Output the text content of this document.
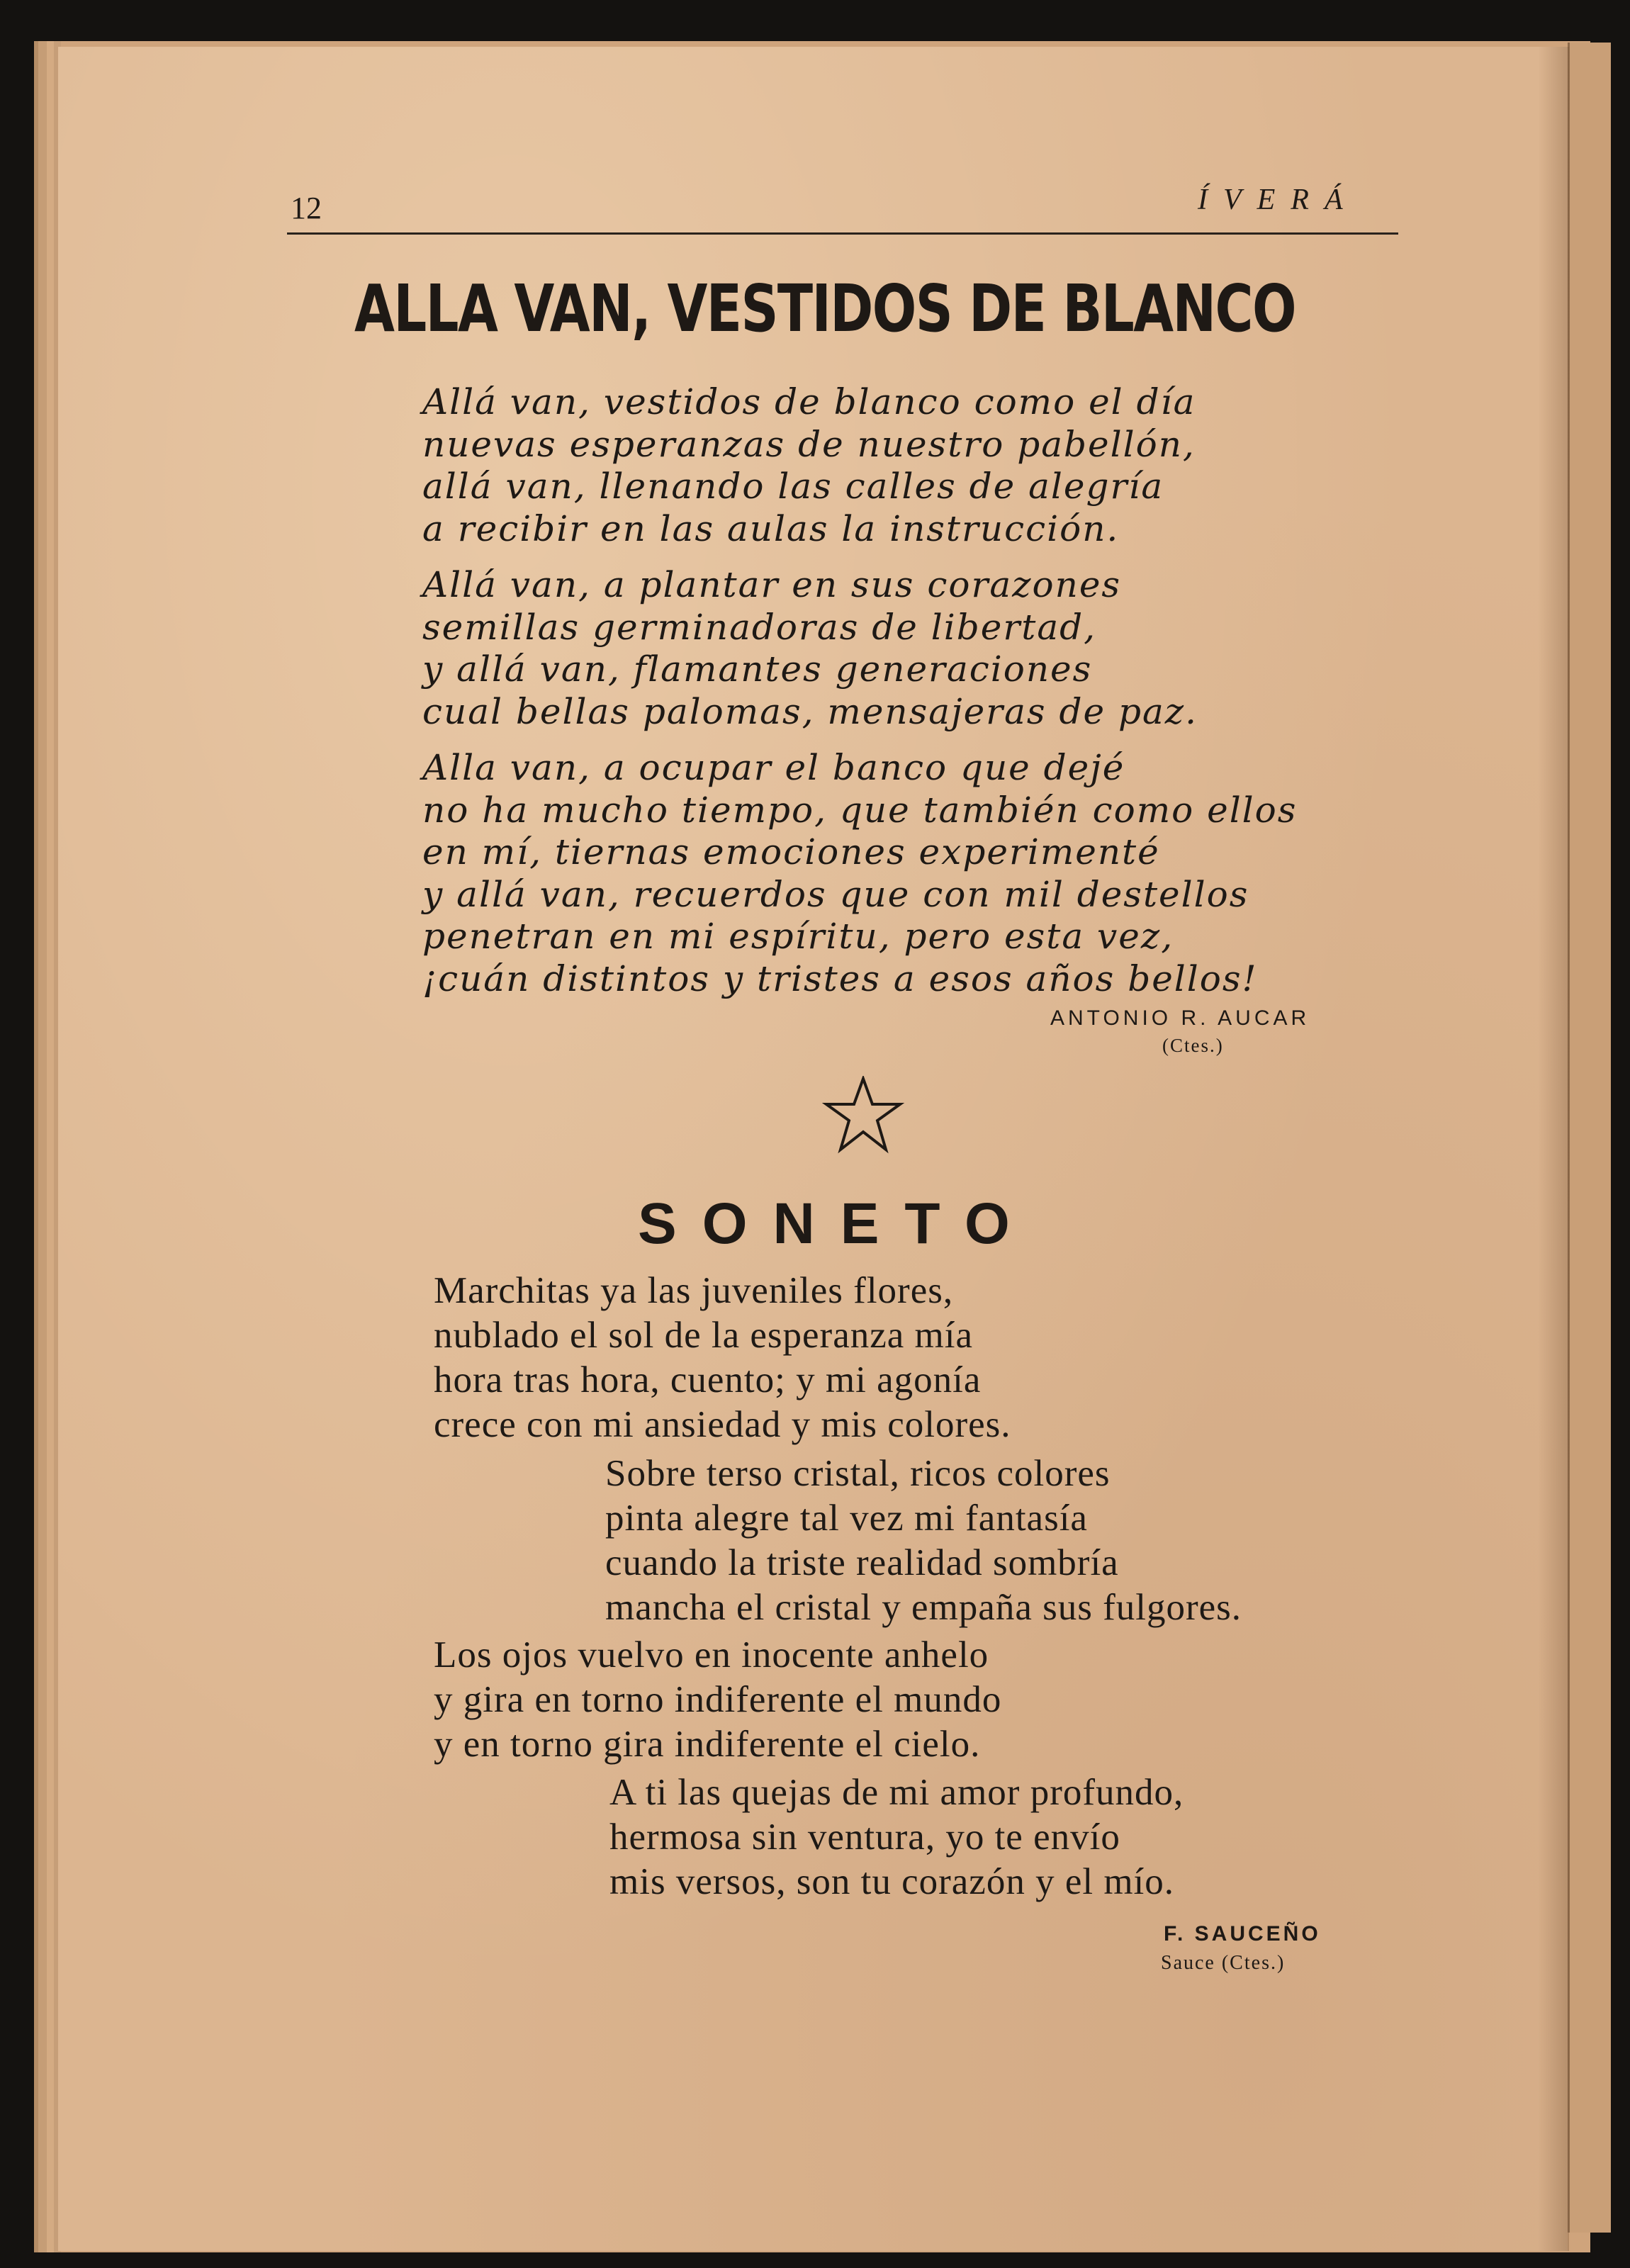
12	ÍVERÁ
ALLA VAN, VESTIDOS DE BLANCO
Allá van, vestidos de blanco como el día
nuevas esperanzas de nuestro pabellón,
allá van, llenando las calles de alegría
a recibir en las aulas la instrucción.
Allá van, a plantar en sus corazones
semillas germinadoras de libertad,
y allá van, flamantes generaciones
cual bellas palomas, mensajeras de paz.
Alla van, a ocupar el banco que dejé
no ha mucho tiempo, que también como ellos
en mí, tiernas emociones experimenté
y allá van, recuerdos que con mil destellos
penetran en mi espíritu, pero esta vez,
¡cuán distintos y tristes a esos años bellos!
ANTONIO R. AUCAR
(Ctes.)
SONETO
Marchitas ya las juveniles flores,
nublado el sol de la esperanza mía
hora tras hora, cuento; y mi agonía
crece con mi ansiedad y mis colores.
Sobre terso cristal, ricos colores
pinta alegre tal vez mi fantasía
cuando la triste realidad sombría
mancha el cristal y empaña sus fulgores.
Los ojos vuelvo en inocente anhelo
y gira en torno indiferente el mundo
y en torno gira indiferente el cielo.
A ti las quejas de mi amor profundo,
hermosa sin ventura, yo te envío
mis versos, son tu corazón y el mío.
F. SAUCEÑO
Sauce (Ctes.)
